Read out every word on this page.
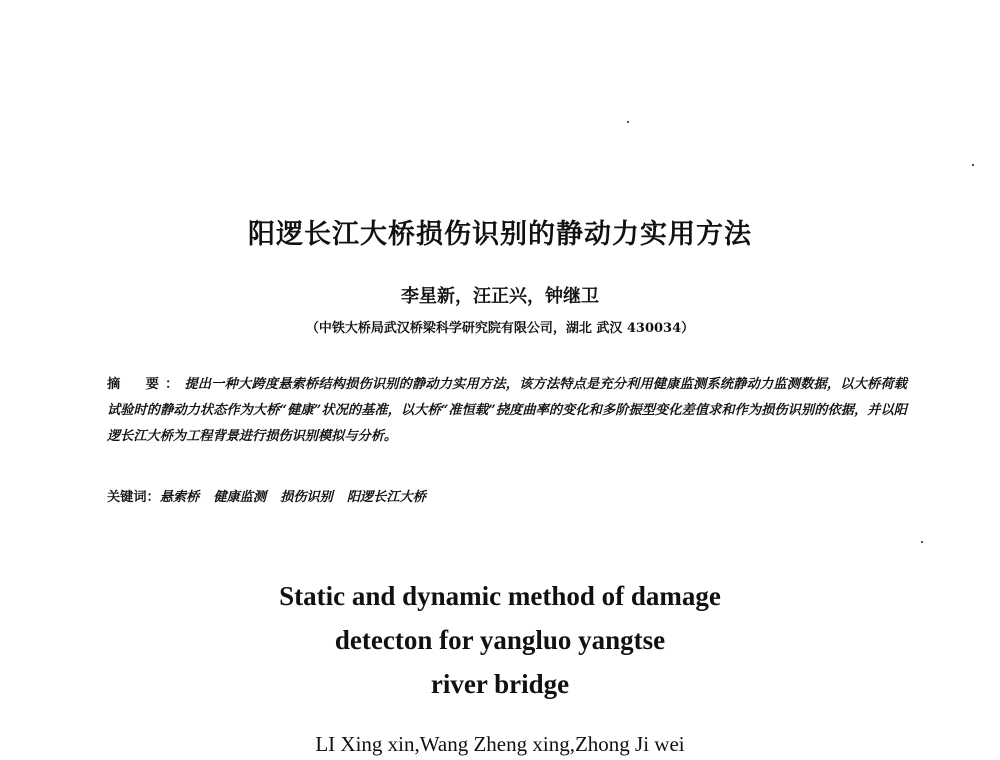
阳逻长江大桥损伤识别的静动力实用方法
李星新，汪正兴，钟继卫
（中铁大桥局武汉桥梁科学研究院有限公司，湖北 武汉 430034）

摘　要：提出一种大跨度悬索桥结构损伤识别的静动力实用方法，该方法特点是充分利用健康监测系统静动力监测数据，以大桥荷载试验时的静动力状态作为大桥“健康”状况的基准，以大桥“准恒载”挠度曲率的变化和多阶振型变化差值求和作为损伤识别的依据，并以阳逻长江大桥为工程背景进行损伤识别模拟与分析。

关键词：悬索桥 健康监测 损伤识别 阳逻长江大桥
Static and dynamic method of damage
detecton for yangluo yangtse
river bridge
LI Xing xin,Wang Zheng xing,Zhong Ji wei
